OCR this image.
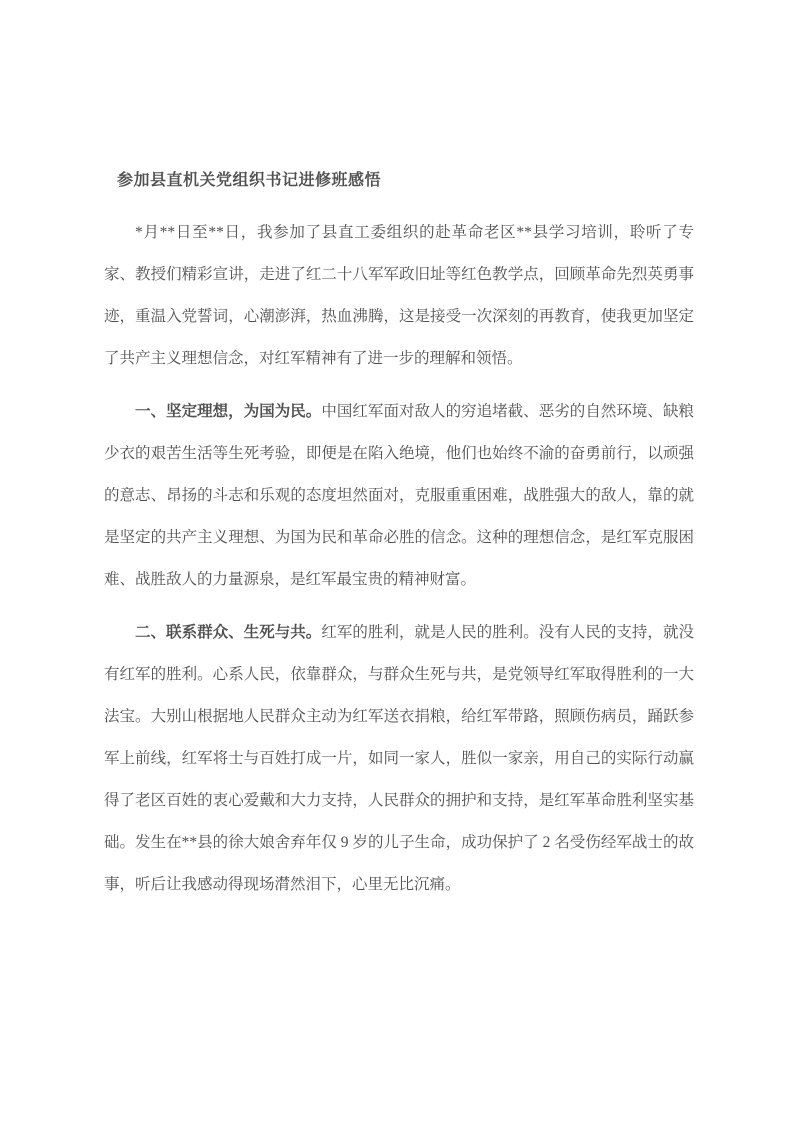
参加县直机关党组织书记进修班感悟

*月**日至**日，我参加了县直工委组织的赴革命老区**县学习培训，聆听了专家、教授们精彩宣讲，走进了红二十八军军政旧址等红色教学点，回顾革命先烈英勇事迹，重温入党誓词，心潮澎湃，热血沸腾，这是接受一次深刻的再教育，使我更加坚定了共产主义理想信念，对红军精神有了进一步的理解和领悟。

一、坚定理想，为国为民。中国红军面对敌人的穷追堵截、恶劣的自然环境、缺粮少衣的艰苦生活等生死考验，即便是在陷入绝境，他们也始终不渝的奋勇前行，以顽强的意志、昂扬的斗志和乐观的态度坦然面对，克服重重困难，战胜强大的敌人，靠的就是坚定的共产主义理想、为国为民和革命必胜的信念。这种的理想信念，是红军克服困难、战胜敌人的力量源泉，是红军最宝贵的精神财富。

二、联系群众、生死与共。红军的胜利，就是人民的胜利。没有人民的支持，就没有红军的胜利。心系人民，依靠群众，与群众生死与共，是党领导红军取得胜利的一大法宝。大别山根据地人民群众主动为红军送衣捐粮，给红军带路，照顾伤病员，踊跃参军上前线，红军将士与百姓打成一片，如同一家人，胜似一家亲，用自己的实际行动赢得了老区百姓的衷心爱戴和大力支持，人民群众的拥护和支持，是红军革命胜利坚实基础。发生在**县的徐大娘舍弃年仅 9 岁的儿子生命，成功保护了 2 名受伤经军战士的故事，听后让我感动得现场潸然泪下，心里无比沉痛。
